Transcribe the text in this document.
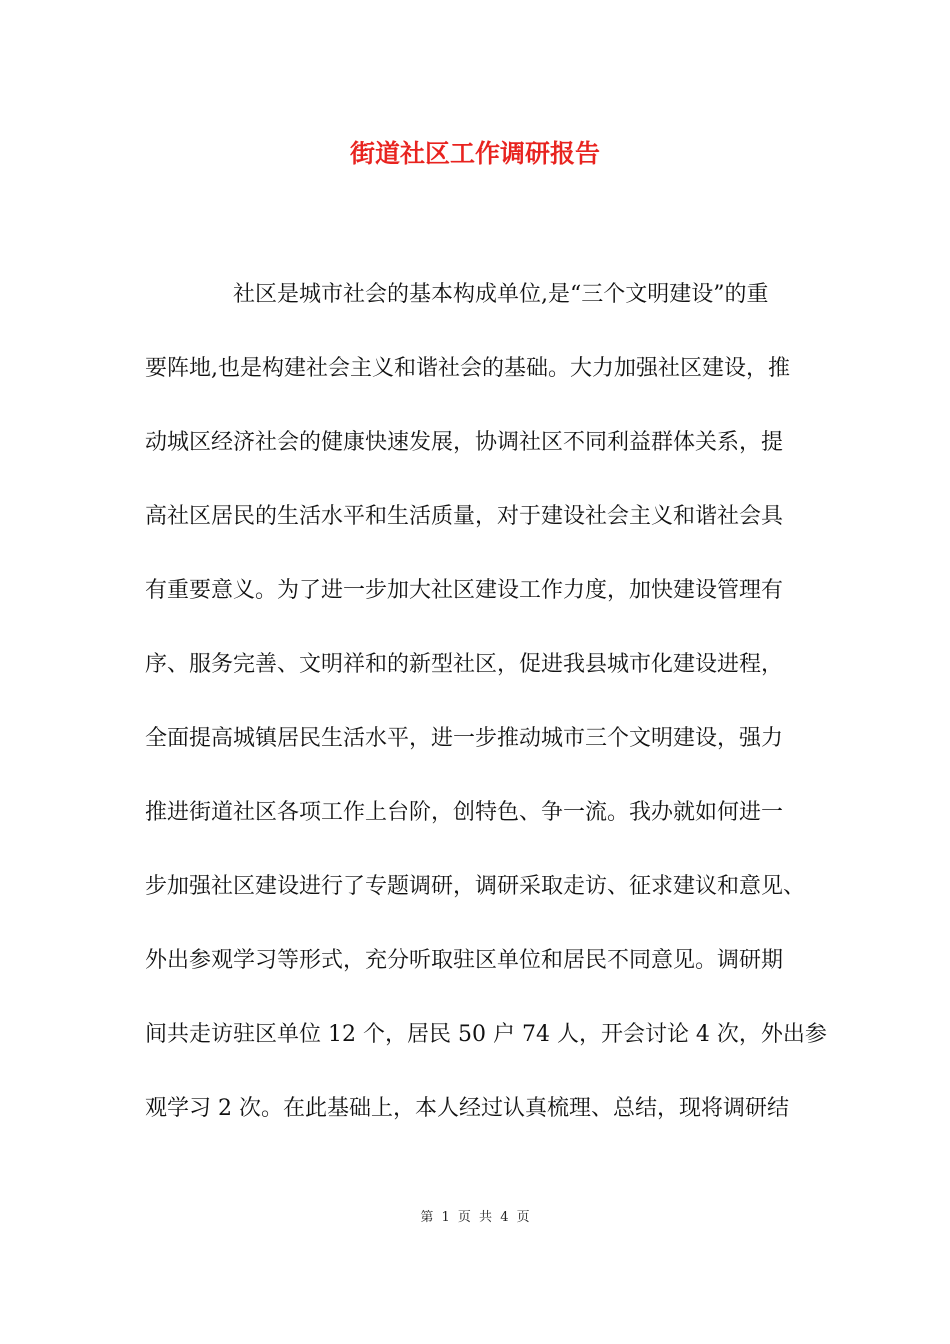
街道社区工作调研报告
社区是城市社会的基本构成单位,是“三个文明建设”的重
要阵地,也是构建社会主义和谐社会的基础。大力加强社区建设，推
动城区经济社会的健康快速发展，协调社区不同利益群体关系，提
高社区居民的生活水平和生活质量，对于建设社会主义和谐社会具
有重要意义。为了进一步加大社区建设工作力度，加快建设管理有
序、服务完善、文明祥和的新型社区，促进我县城市化建设进程，
全面提高城镇居民生活水平，进一步推动城市三个文明建设，强力
推进街道社区各项工作上台阶，创特色、争一流。我办就如何进一
步加强社区建设进行了专题调研，调研采取走访、征求建议和意见、
外出参观学习等形式，充分听取驻区单位和居民不同意见。调研期
间共走访驻区单位 12 个，居民 50 户 74 人，开会讨论 4 次，外出参
观学习 2 次。在此基础上，本人经过认真梳理、总结，现将调研结
第 1 页 共 4 页
